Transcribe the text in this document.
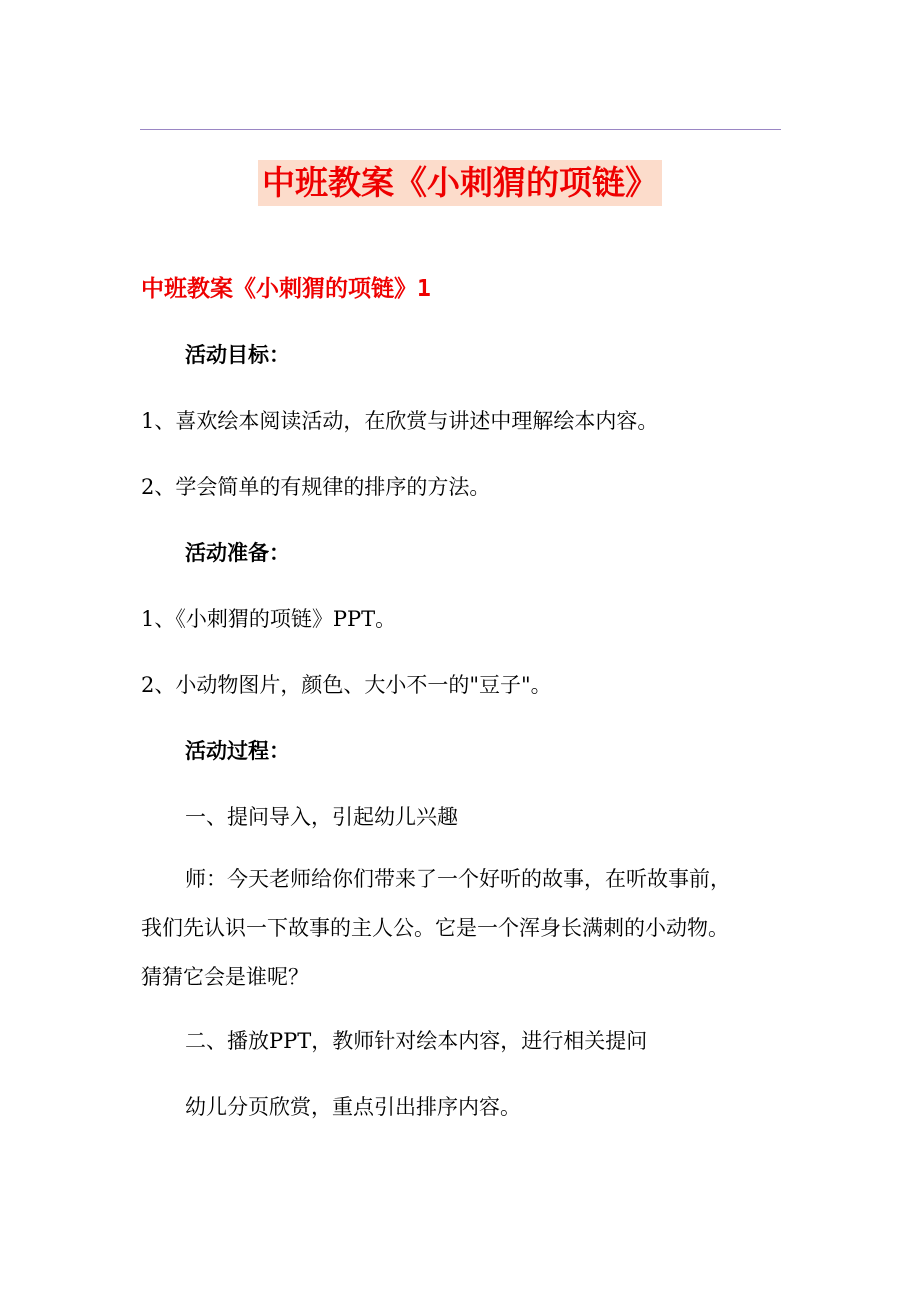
中班教案《小刺猬的项链》
中班教案《小刺猬的项链》1
活动目标：
1、喜欢绘本阅读活动，在欣赏与讲述中理解绘本内容。
2、学会简单的有规律的排序的方法。
活动准备：
1、《小刺猬的项链》PPT。
2、小动物图片，颜色、大小不一的"豆子"。
活动过程：
一、提问导入，引起幼儿兴趣
师：今天老师给你们带来了一个好听的故事，在听故事前，
我们先认识一下故事的主人公。它是一个浑身长满刺的小动物。
猜猜它会是谁呢？
二、播放PPT，教师针对绘本内容，进行相关提问
幼儿分页欣赏，重点引出排序内容。
